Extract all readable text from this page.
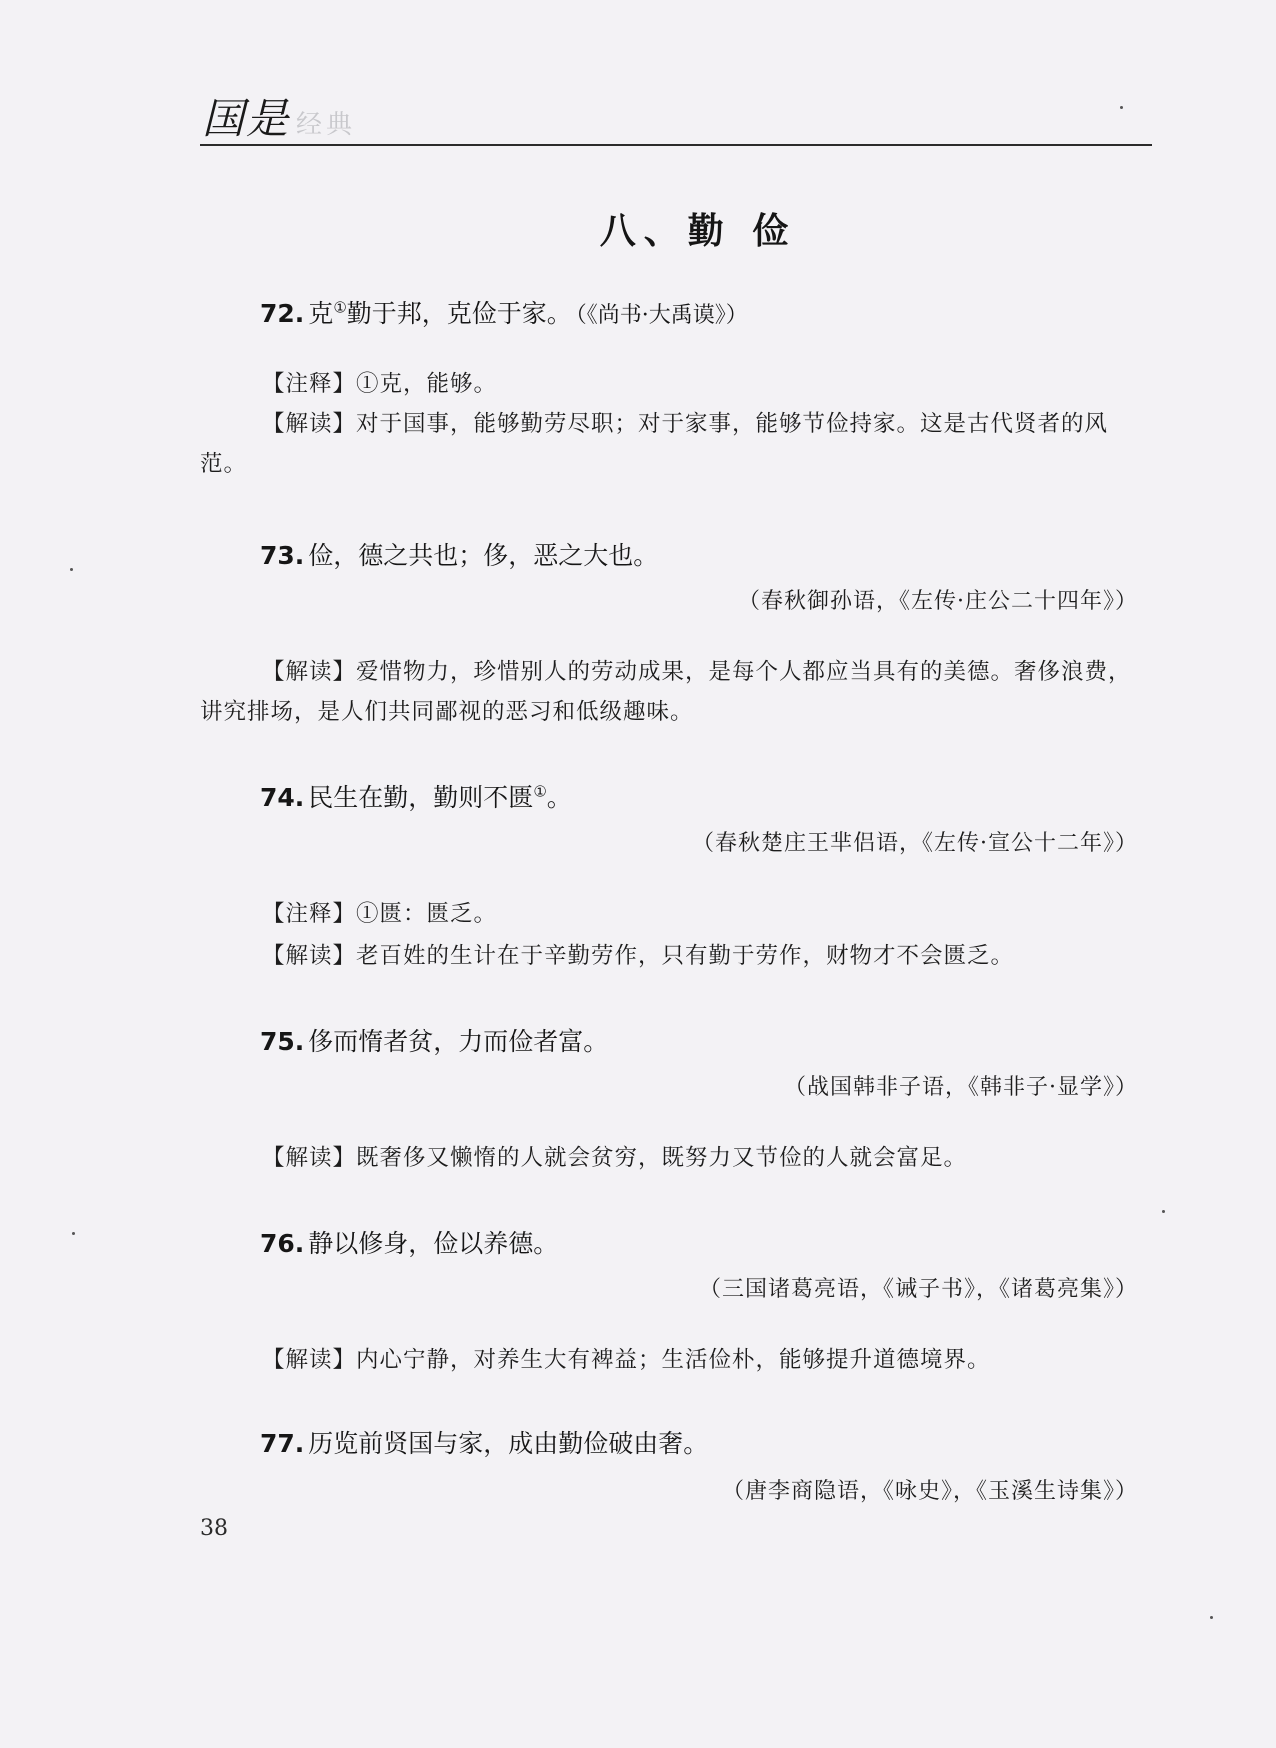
国是 经典
八、勤 俭
72. 克①勤于邦，克俭于家。 （《尚书·大禹谟》）
【注释】①克，能够。
【解读】对于国事，能够勤劳尽职；对于家事，能够节俭持家。这是古代贤者的风范。
73. 俭，德之共也；侈，恶之大也。
（春秋御孙语，《左传·庄公二十四年》）
【解读】爱惜物力，珍惜别人的劳动成果，是每个人都应当具有的美德。奢侈浪费，讲究排场，是人们共同鄙视的恶习和低级趣味。
74. 民生在勤，勤则不匮①。
（春秋楚庄王芈侣语，《左传·宣公十二年》）
【注释】①匮：匮乏。
【解读】老百姓的生计在于辛勤劳作，只有勤于劳作，财物才不会匮乏。
75. 侈而惰者贫，力而俭者富。
（战国韩非子语，《韩非子·显学》）
【解读】既奢侈又懒惰的人就会贫穷，既努力又节俭的人就会富足。
76. 静以修身，俭以养德。
（三国诸葛亮语，《诫子书》，《诸葛亮集》）
【解读】内心宁静，对养生大有裨益；生活俭朴，能够提升道德境界。
77. 历览前贤国与家，成由勤俭破由奢。
（唐李商隐语，《咏史》，《玉溪生诗集》）
38
